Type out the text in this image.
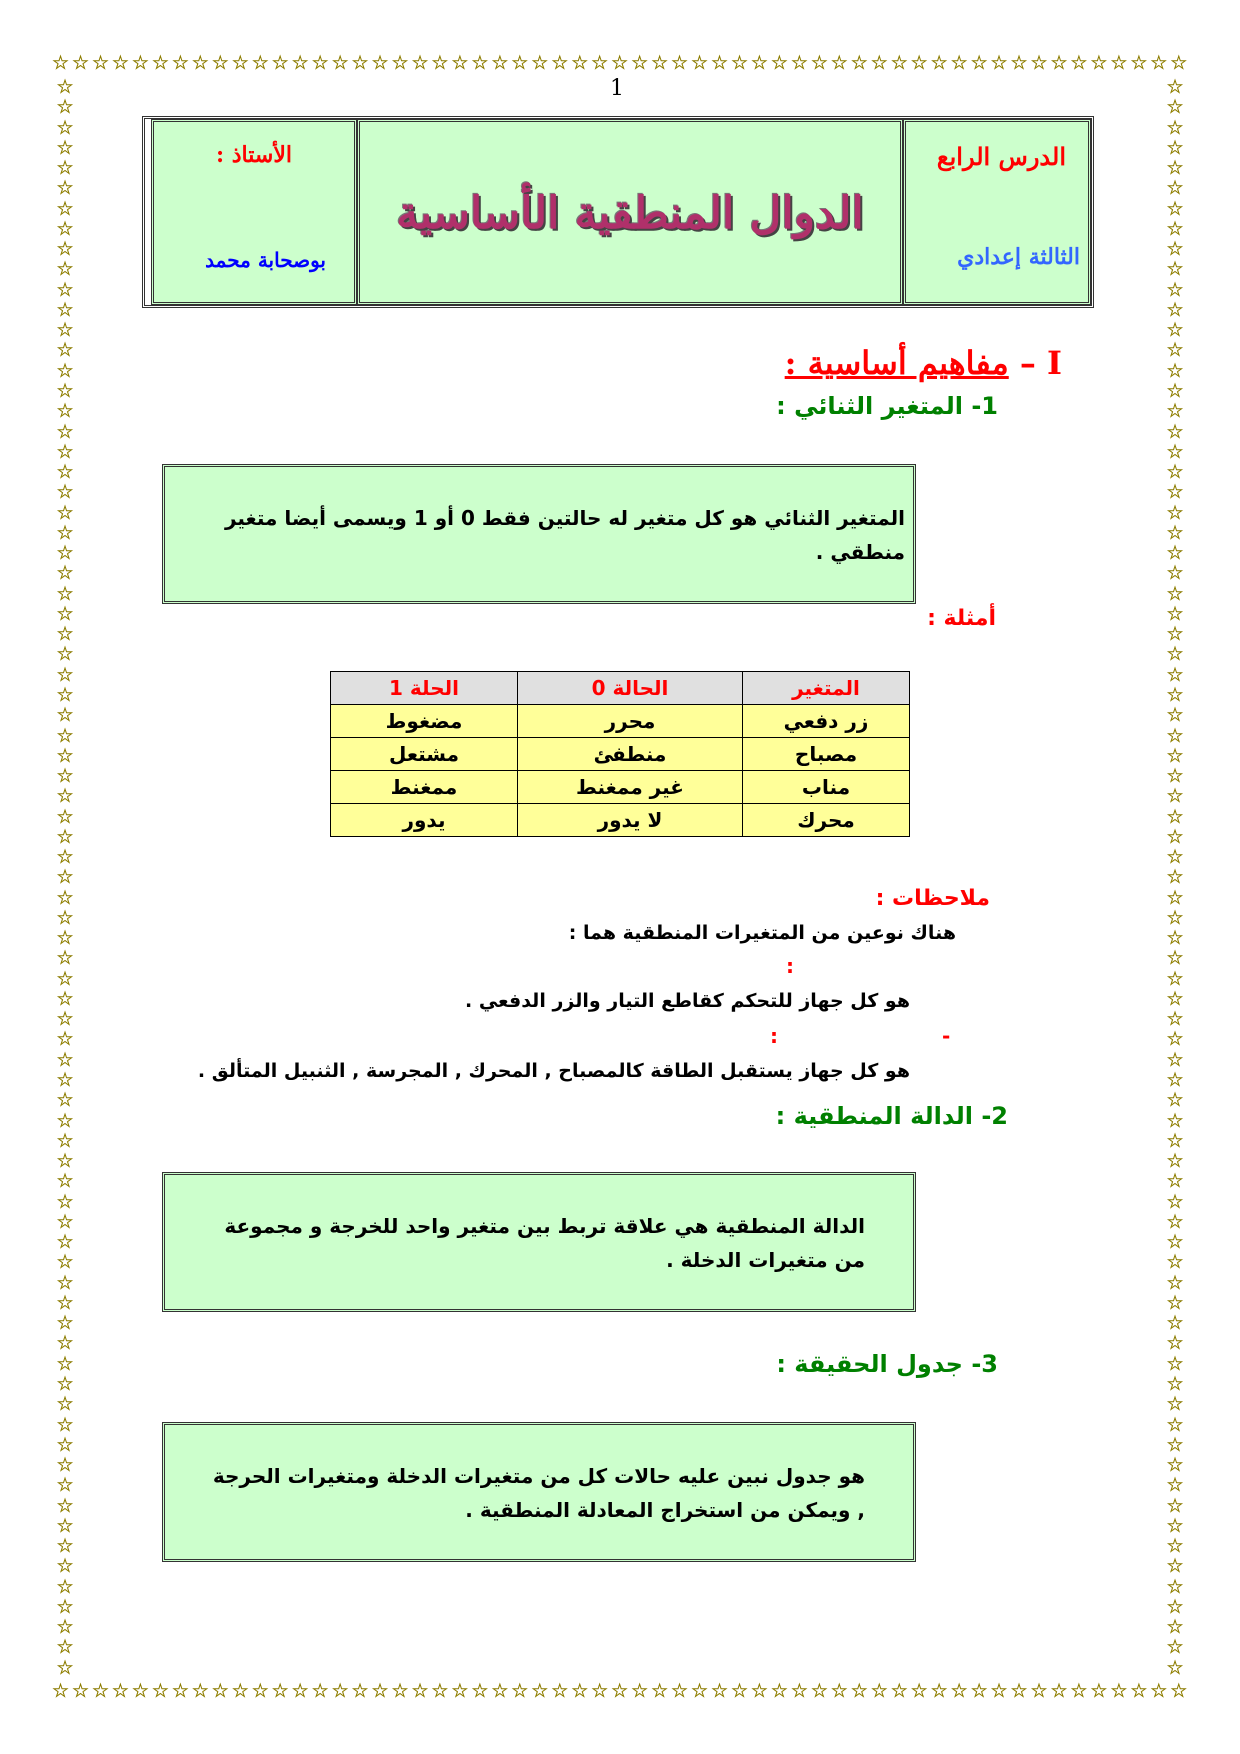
☆ ☆ ☆ ☆ ☆ ☆ ☆ ☆ ☆ ☆ ☆ ☆ ☆ ☆ ☆ ☆ ☆ ☆ ☆ ☆ ☆ ☆ ☆ ☆ ☆ ☆ ☆ ☆ ☆ ☆ ☆ ☆ ☆ ☆ ☆ ☆ ☆ ☆ ☆ ☆ ☆ ☆ ☆ ☆ ☆ ☆ ☆ ☆ ☆ ☆ ☆ ☆ ☆ ☆ ☆ ☆ ☆
☆ ☆ ☆ ☆ ☆ ☆ ☆ ☆ ☆ ☆ ☆ ☆ ☆ ☆ ☆ ☆ ☆ ☆ ☆ ☆ ☆ ☆ ☆ ☆ ☆ ☆ ☆ ☆ ☆ ☆ ☆ ☆ ☆ ☆ ☆ ☆ ☆ ☆ ☆ ☆ ☆ ☆ ☆ ☆ ☆ ☆ ☆ ☆ ☆ ☆ ☆ ☆ ☆ ☆ ☆ ☆ ☆
☆
☆
☆
☆
☆
☆
☆
☆
☆
☆
☆
☆
☆
☆
☆
☆
☆
☆
☆
☆
☆
☆
☆
☆
☆
☆
☆
☆
☆
☆
☆
☆
☆
☆
☆
☆
☆
☆
☆
☆
☆
☆
☆
☆
☆
☆
☆
☆
☆
☆
☆
☆
☆
☆
☆
☆
☆
☆
☆
☆
☆
☆
☆
☆
☆
☆
☆
☆
☆
☆
☆
☆
☆
☆
☆
☆
☆
☆
☆
☆
☆
☆
☆
☆
☆
☆
☆
☆
☆
☆
☆
☆
☆
☆
☆
☆
☆
☆
☆
☆
☆
☆
☆
☆
☆
☆
☆
☆
☆
☆
☆
☆
☆
☆
☆
☆
☆
☆
☆
☆
☆
☆
☆
☆
☆
☆
☆
☆
☆
☆
☆
☆
☆
☆
☆
☆
☆
☆
☆
☆
☆
☆
☆
☆
☆
☆
☆
☆
☆
☆
☆
☆
☆
☆
☆
☆
☆
☆
1
الدرس الرابع
الثالثة إعدادي
الدوال المنطقية الأساسية
الأستاذ :
بوصحابة محمد
مفاهيم أساسية : – I
1- المتغير الثنائي :
المتغير الثنائي هو كل متغير له حالتين فقط 0 أو 1 ويسمى أيضا متغير منطقي .
أمثلة :
المتغير	الحالة 0	الحلة 1
زر دفعي	محرر	مضغوط
مصباح	منطفئ	مشتعل
مناب	غير ممغنط	ممغنط
محرك	لا يدور	يدور
ملاحظات :
هناك نوعين من المتغيرات المنطقية هما :
:
هو كل جهاز للتحكم كقاطع التيار والزر الدفعي .
-
:
هو كل جهاز يستقبل الطاقة كالمصباح , المحرك , المجرسة , الثنبيل المتألق .
2- الدالة المنطقية :
الدالة المنطقية هي علاقة تربط بين متغير واحد للخرجة و مجموعة من متغيرات الدخلة .
3- جدول الحقيقة :
هو جدول نبين عليه حالات كل من متغيرات الدخلة ومتغيرات الحرجة , ويمكن من استخراج المعادلة المنطقية .
